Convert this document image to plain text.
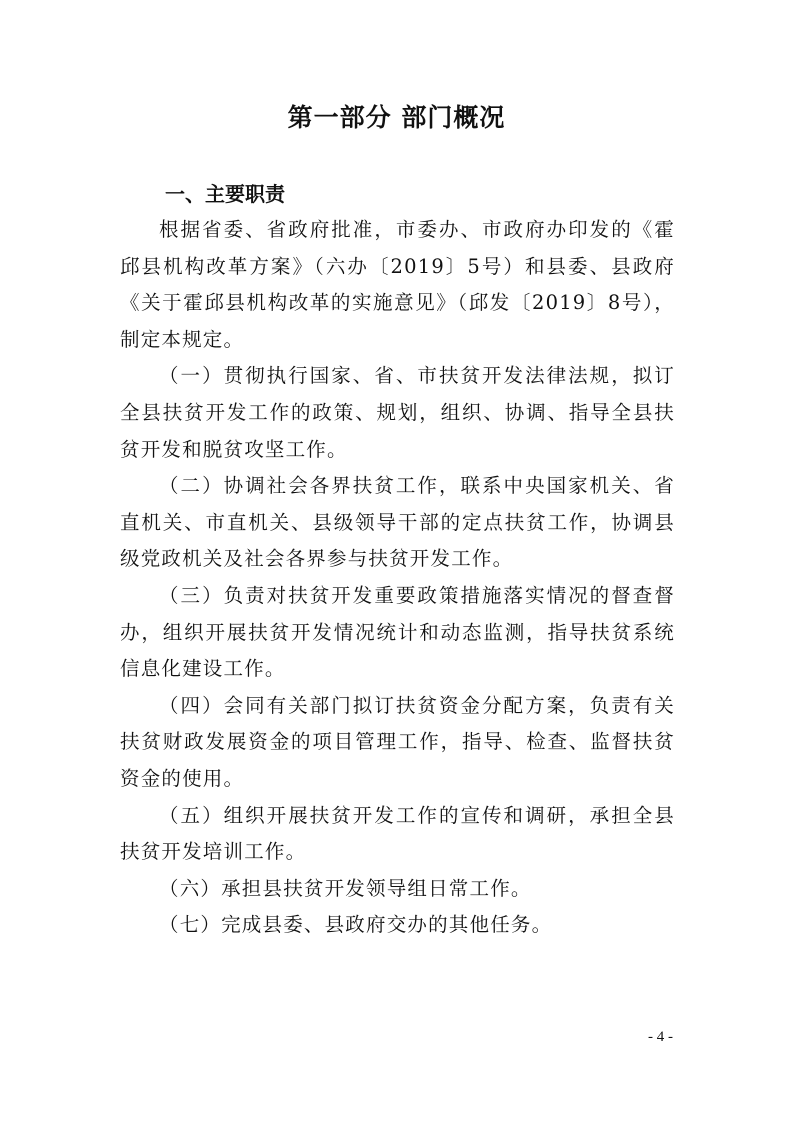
第一部分 部门概况
一、主要职责

根据省委、省政府批准，市委办、市政府办印发的《霍邱县机构改革方案》（六办〔2019〕5号）和县委、县政府《关于霍邱县机构改革的实施意见》（邱发〔2019〕8号），制定本规定。

（一）贯彻执行国家、省、市扶贫开发法律法规，拟订全县扶贫开发工作的政策、规划，组织、协调、指导全县扶贫开发和脱贫攻坚工作。

（二）协调社会各界扶贫工作，联系中央国家机关、省直机关、市直机关、县级领导干部的定点扶贫工作，协调县级党政机关及社会各界参与扶贫开发工作。

（三）负责对扶贫开发重要政策措施落实情况的督查督办，组织开展扶贫开发情况统计和动态监测，指导扶贫系统信息化建设工作。

（四）会同有关部门拟订扶贫资金分配方案，负责有关扶贫财政发展资金的项目管理工作，指导、检查、监督扶贫资金的使用。

（五）组织开展扶贫开发工作的宣传和调研，承担全县扶贫开发培训工作。

（六）承担县扶贫开发领导组日常工作。

（七）完成县委、县政府交办的其他任务。

- 4 -
